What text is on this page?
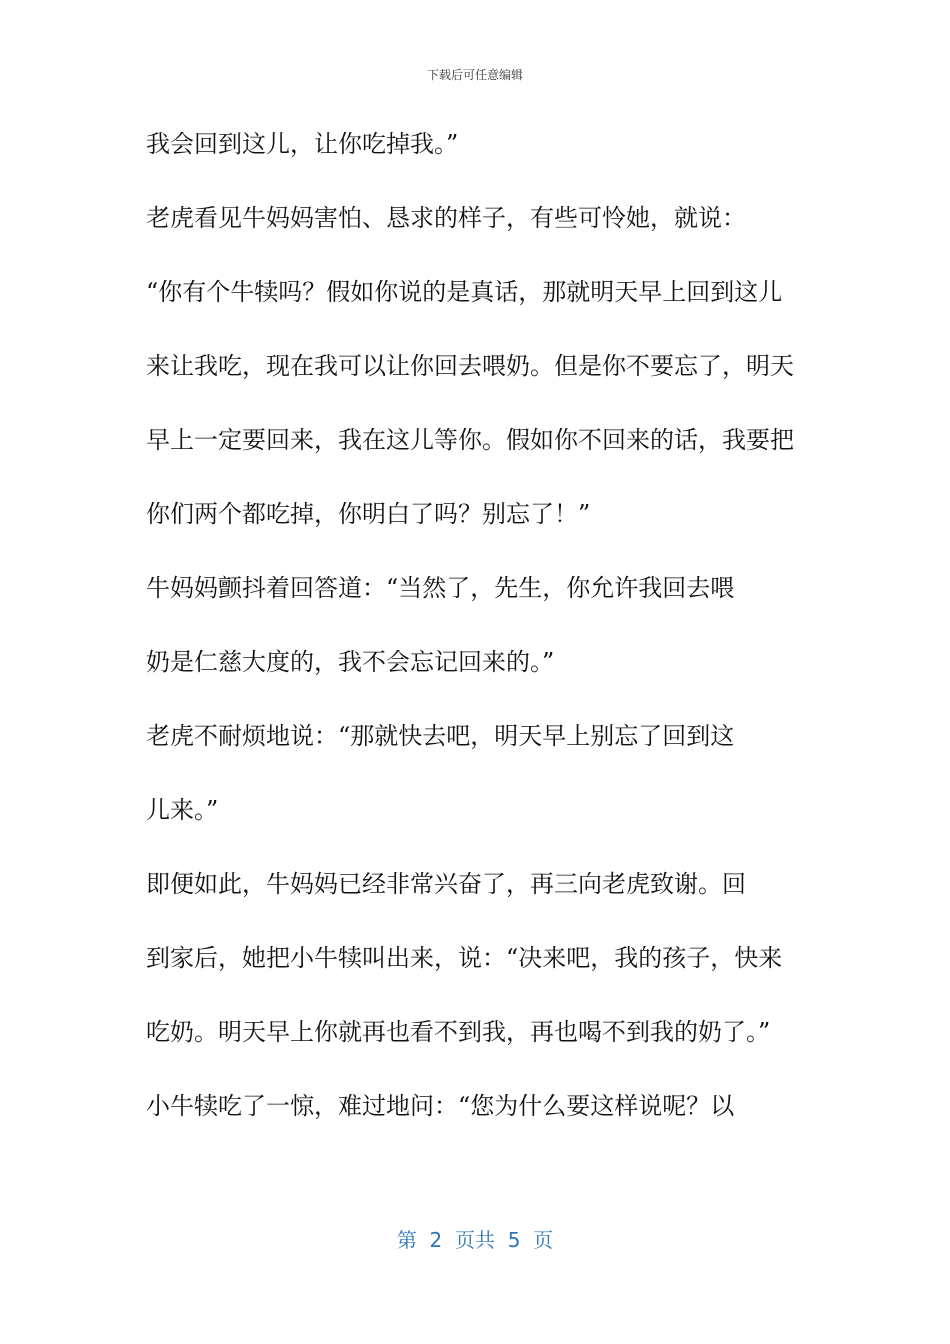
下载后可任意编辑
我会回到这儿，让你吃掉我。”
老虎看见牛妈妈害怕、恳求的样子，有些可怜她，就说：
“你有个牛犊吗？假如你说的是真话，那就明天早上回到这儿
来让我吃，现在我可以让你回去喂奶。但是你不要忘了，明天
早上一定要回来，我在这儿等你。假如你不回来的话，我要把
你们两个都吃掉，你明白了吗？别忘了！”
牛妈妈颤抖着回答道：“当然了，先生，你允许我回去喂
奶是仁慈大度的，我不会忘记回来的。”
老虎不耐烦地说：“那就快去吧，明天早上别忘了回到这
儿来。”
即便如此，牛妈妈已经非常兴奋了，再三向老虎致谢。回
到家后，她把小牛犊叫出来，说：“决来吧，我的孩子，快来
吃奶。明天早上你就再也看不到我，再也喝不到我的奶了。”
小牛犊吃了一惊，难过地问：“您为什么要这样说呢？以
第  2  页共  5  页
